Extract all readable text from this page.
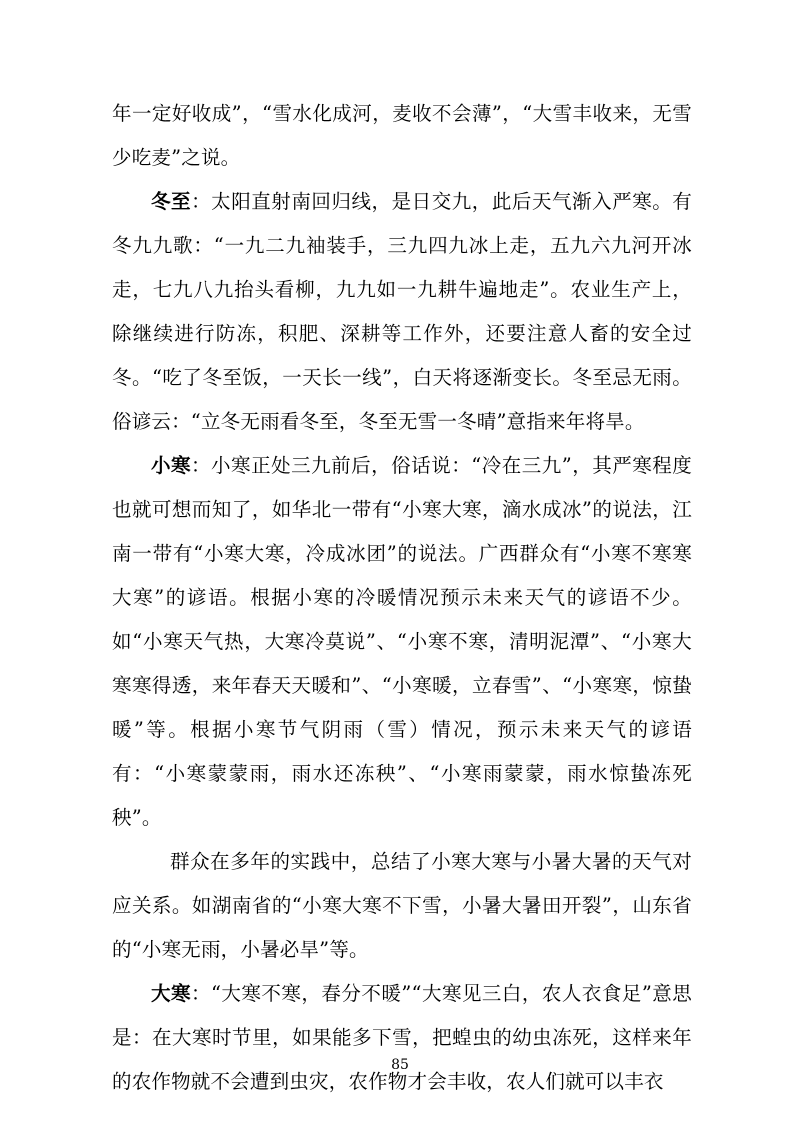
年一定好收成”，“雪水化成河，麦收不会薄”，“大雪丰收来，无雪少吃麦”之说。

冬至：太阳直射南回归线，是日交九，此后天气渐入严寒。有冬九九歌：“一九二九袖装手，三九四九冰上走，五九六九河开冰走，七九八九抬头看柳，九九如一九耕牛遍地走”。农业生产上，除继续进行防冻，积肥、深耕等工作外，还要注意人畜的安全过冬。“吃了冬至饭，一天长一线”，白天将逐渐变长。冬至忌无雨。俗谚云：“立冬无雨看冬至，冬至无雪一冬晴”意指来年将旱。

小寒：小寒正处三九前后，俗话说：“冷在三九”，其严寒程度也就可想而知了，如华北一带有“小寒大寒，滴水成冰”的说法，江南一带有“小寒大寒，冷成冰团”的说法。广西群众有“小寒不寒寒大寒”的谚语。根据小寒的冷暖情况预示未来天气的谚语不少。如“小寒天气热，大寒冷莫说”、“小寒不寒，清明泥潭”、“小寒大寒寒得透，来年春天天暖和”、“小寒暖，立春雪”、“小寒寒，惊蛰暖”等。根据小寒节气阴雨（雪）情况，预示未来天气的谚语有：“小寒蒙蒙雨，雨水还冻秧”、“小寒雨蒙蒙，雨水惊蛰冻死秧”。

群众在多年的实践中，总结了小寒大寒与小暑大暑的天气对应关系。如湖南省的“小寒大寒不下雪，小暑大暑田开裂”，山东省的“小寒无雨，小暑必旱”等。

大寒：“大寒不寒，春分不暖”“大寒见三白，农人衣食足”意思是：在大寒时节里，如果能多下雪，把蝗虫的幼虫冻死，这样来年的农作物就不会遭到虫灾，农作物才会丰收，农人们就可以丰衣

85
